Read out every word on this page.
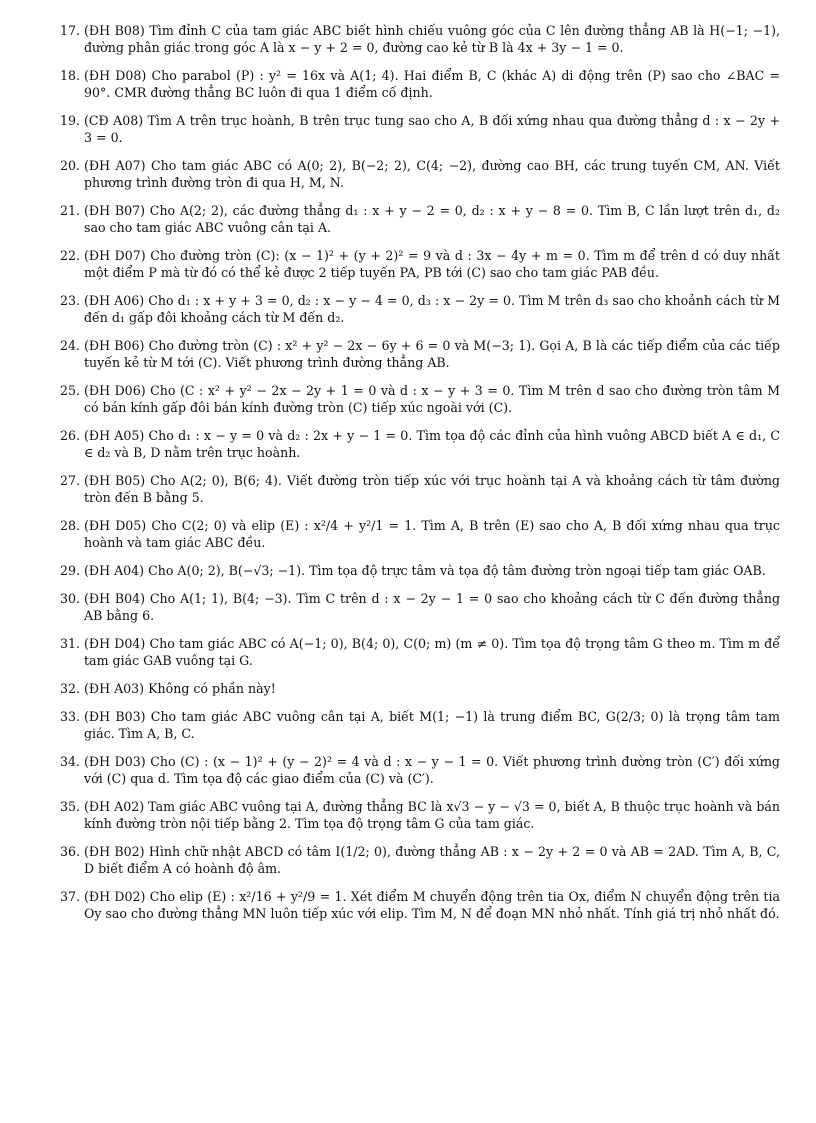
17. (ĐH B08) Tìm đỉnh C của tam giác ABC biết hình chiếu vuông góc của C lên đường thẳng AB là H(−1; −1), đường phân giác trong góc A là x − y + 2 = 0, đường cao kẻ từ B là 4x + 3y − 1 = 0.
18. (ĐH D08) Cho parabol (P) : y² = 16x và A(1; 4). Hai điểm B, C (khác A) di động trên (P) sao cho ∠BAC = 90°. CMR đường thẳng BC luôn đi qua 1 điểm cố định.
19. (CĐ A08) Tìm A trên trục hoành, B trên trục tung sao cho A, B đối xứng nhau qua đường thẳng d : x − 2y + 3 = 0.
20. (ĐH A07) Cho tam giác ABC có A(0; 2), B(−2; 2), C(4; −2), đường cao BH, các trung tuyến CM, AN. Viết phương trình đường tròn đi qua H, M, N.
21. (ĐH B07) Cho A(2; 2), các đường thẳng d₁ : x + y − 2 = 0, d₂ : x + y − 8 = 0. Tìm B, C lần lượt trên d₁, d₂ sao cho tam giác ABC vuông cân tại A.
22. (ĐH D07) Cho đường tròn (C): (x − 1)² + (y + 2)² = 9 và d : 3x − 4y + m = 0. Tìm m để trên d có duy nhất một điểm P mà từ đó có thể kẻ được 2 tiếp tuyến PA, PB tới (C) sao cho tam giác PAB đều.
23. (ĐH A06) Cho d₁ : x + y + 3 = 0, d₂ : x − y − 4 = 0, d₃ : x − 2y = 0. Tìm M trên d₃ sao cho khoảnh cách từ M đến d₁ gấp đôi khoảng cách từ M đến d₂.
24. (ĐH B06) Cho đường tròn (C) : x² + y² − 2x − 6y + 6 = 0 và M(−3; 1). Gọi A, B là các tiếp điểm của các tiếp tuyến kẻ từ M tới (C). Viết phương trình đường thẳng AB.
25. (ĐH D06) Cho (C : x² + y² − 2x − 2y + 1 = 0 và d : x − y + 3 = 0. Tìm M trên d sao cho đường tròn tâm M có bán kính gấp đôi bán kính đường tròn (C) tiếp xúc ngoài với (C).
26. (ĐH A05) Cho d₁ : x − y = 0 và d₂ : 2x + y − 1 = 0. Tìm tọa độ các đỉnh của hình vuông ABCD biết A ∈ d₁, C ∈ d₂ và B, D nằm trên trục hoành.
27. (ĐH B05) Cho A(2; 0), B(6; 4). Viết đường tròn tiếp xúc với trục hoành tại A và khoảng cách từ tâm đường tròn đến B bằng 5.
28. (ĐH D05) Cho C(2; 0) và elip (E) : x²/4 + y²/1 = 1. Tìm A, B trên (E) sao cho A, B đối xứng nhau qua trục hoành và tam giác ABC đều.
29. (ĐH A04) Cho A(0; 2), B(−√3; −1). Tìm tọa độ trực tâm và tọa độ tâm đường tròn ngoại tiếp tam giác OAB.
30. (ĐH B04) Cho A(1; 1), B(4; −3). Tìm C trên d : x − 2y − 1 = 0 sao cho khoảng cách từ C đến đường thẳng AB bằng 6.
31. (ĐH D04) Cho tam giác ABC có A(−1; 0), B(4; 0), C(0; m) (m ≠ 0). Tìm tọa độ trọng tâm G theo m. Tìm m để tam giác GAB vuông tại G.
32. (ĐH A03) Không có phần này!
33. (ĐH B03) Cho tam giác ABC vuông cân tại A, biết M(1; −1) là trung điểm BC, G(2/3; 0) là trọng tâm tam giác. Tìm A, B, C.
34. (ĐH D03) Cho (C) : (x − 1)² + (y − 2)² = 4 và d : x − y − 1 = 0. Viết phương trình đường tròn (C′) đối xứng với (C) qua d. Tìm tọa độ các giao điểm của (C) và (C′).
35. (ĐH A02) Tam giác ABC vuông tại A, đường thẳng BC là x√3 − y − √3 = 0, biết A, B thuộc trục hoành và bán kính đường tròn nội tiếp bằng 2. Tìm tọa độ trọng tâm G của tam giác.
36. (ĐH B02) Hình chữ nhật ABCD có tâm I(1/2; 0), đường thẳng AB : x − 2y + 2 = 0 và AB = 2AD. Tìm A, B, C, D biết điểm A có hoành độ âm.
37. (ĐH D02) Cho elip (E) : x²/16 + y²/9 = 1. Xét điểm M chuyển động trên tia Ox, điểm N chuyển động trên tia Oy sao cho đường thẳng MN luôn tiếp xúc với elip. Tìm M, N để đoạn MN nhỏ nhất. Tính giá trị nhỏ nhất đó.
